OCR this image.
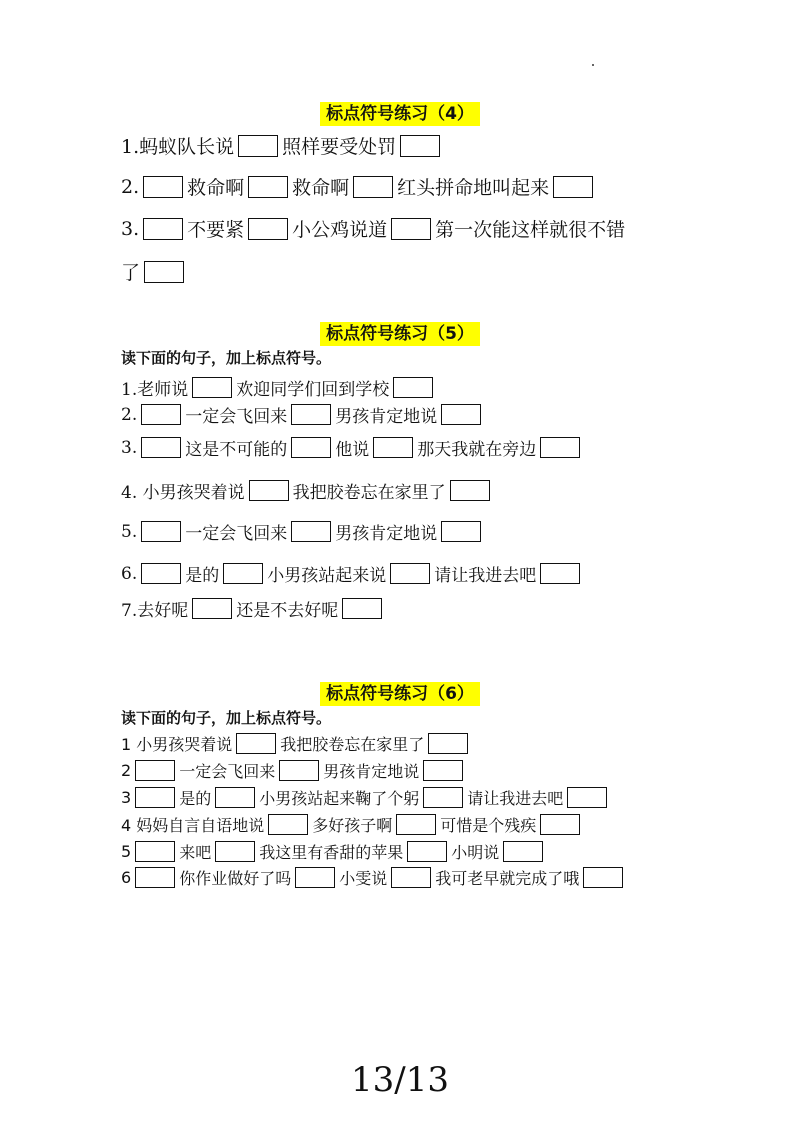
标点符号练习（4）
1.蚂蚁队长说	照样要受处罚
2.	救命啊	救命啊	红头拼命地叫起来
3.	不要紧	小公鸡说道	第一次能这样就很不错
了
标点符号练习（5）
读下面的句子，加上标点符号。
1.老师说	欢迎同学们回到学校
2.	一定会飞回来	男孩肯定地说
3.	这是不可能的	他说	那天我就在旁边
4. 小男孩哭着说	我把胶卷忘在家里了
5.	一定会飞回来	男孩肯定地说
6.	是的	小男孩站起来说	请让我进去吧
7.去好呢	还是不去好呢
标点符号练习（6）
读下面的句子，加上标点符号。
1 小男孩哭着说	我把胶卷忘在家里了
2	一定会飞回来	男孩肯定地说
3	是的	小男孩站起来鞠了个躬	请让我进去吧
4 妈妈自言自语地说	多好孩子啊	可惜是个残疾
5	来吧	我这里有香甜的苹果	小明说
6	你作业做好了吗	小雯说	我可老早就完成了哦
13/13
